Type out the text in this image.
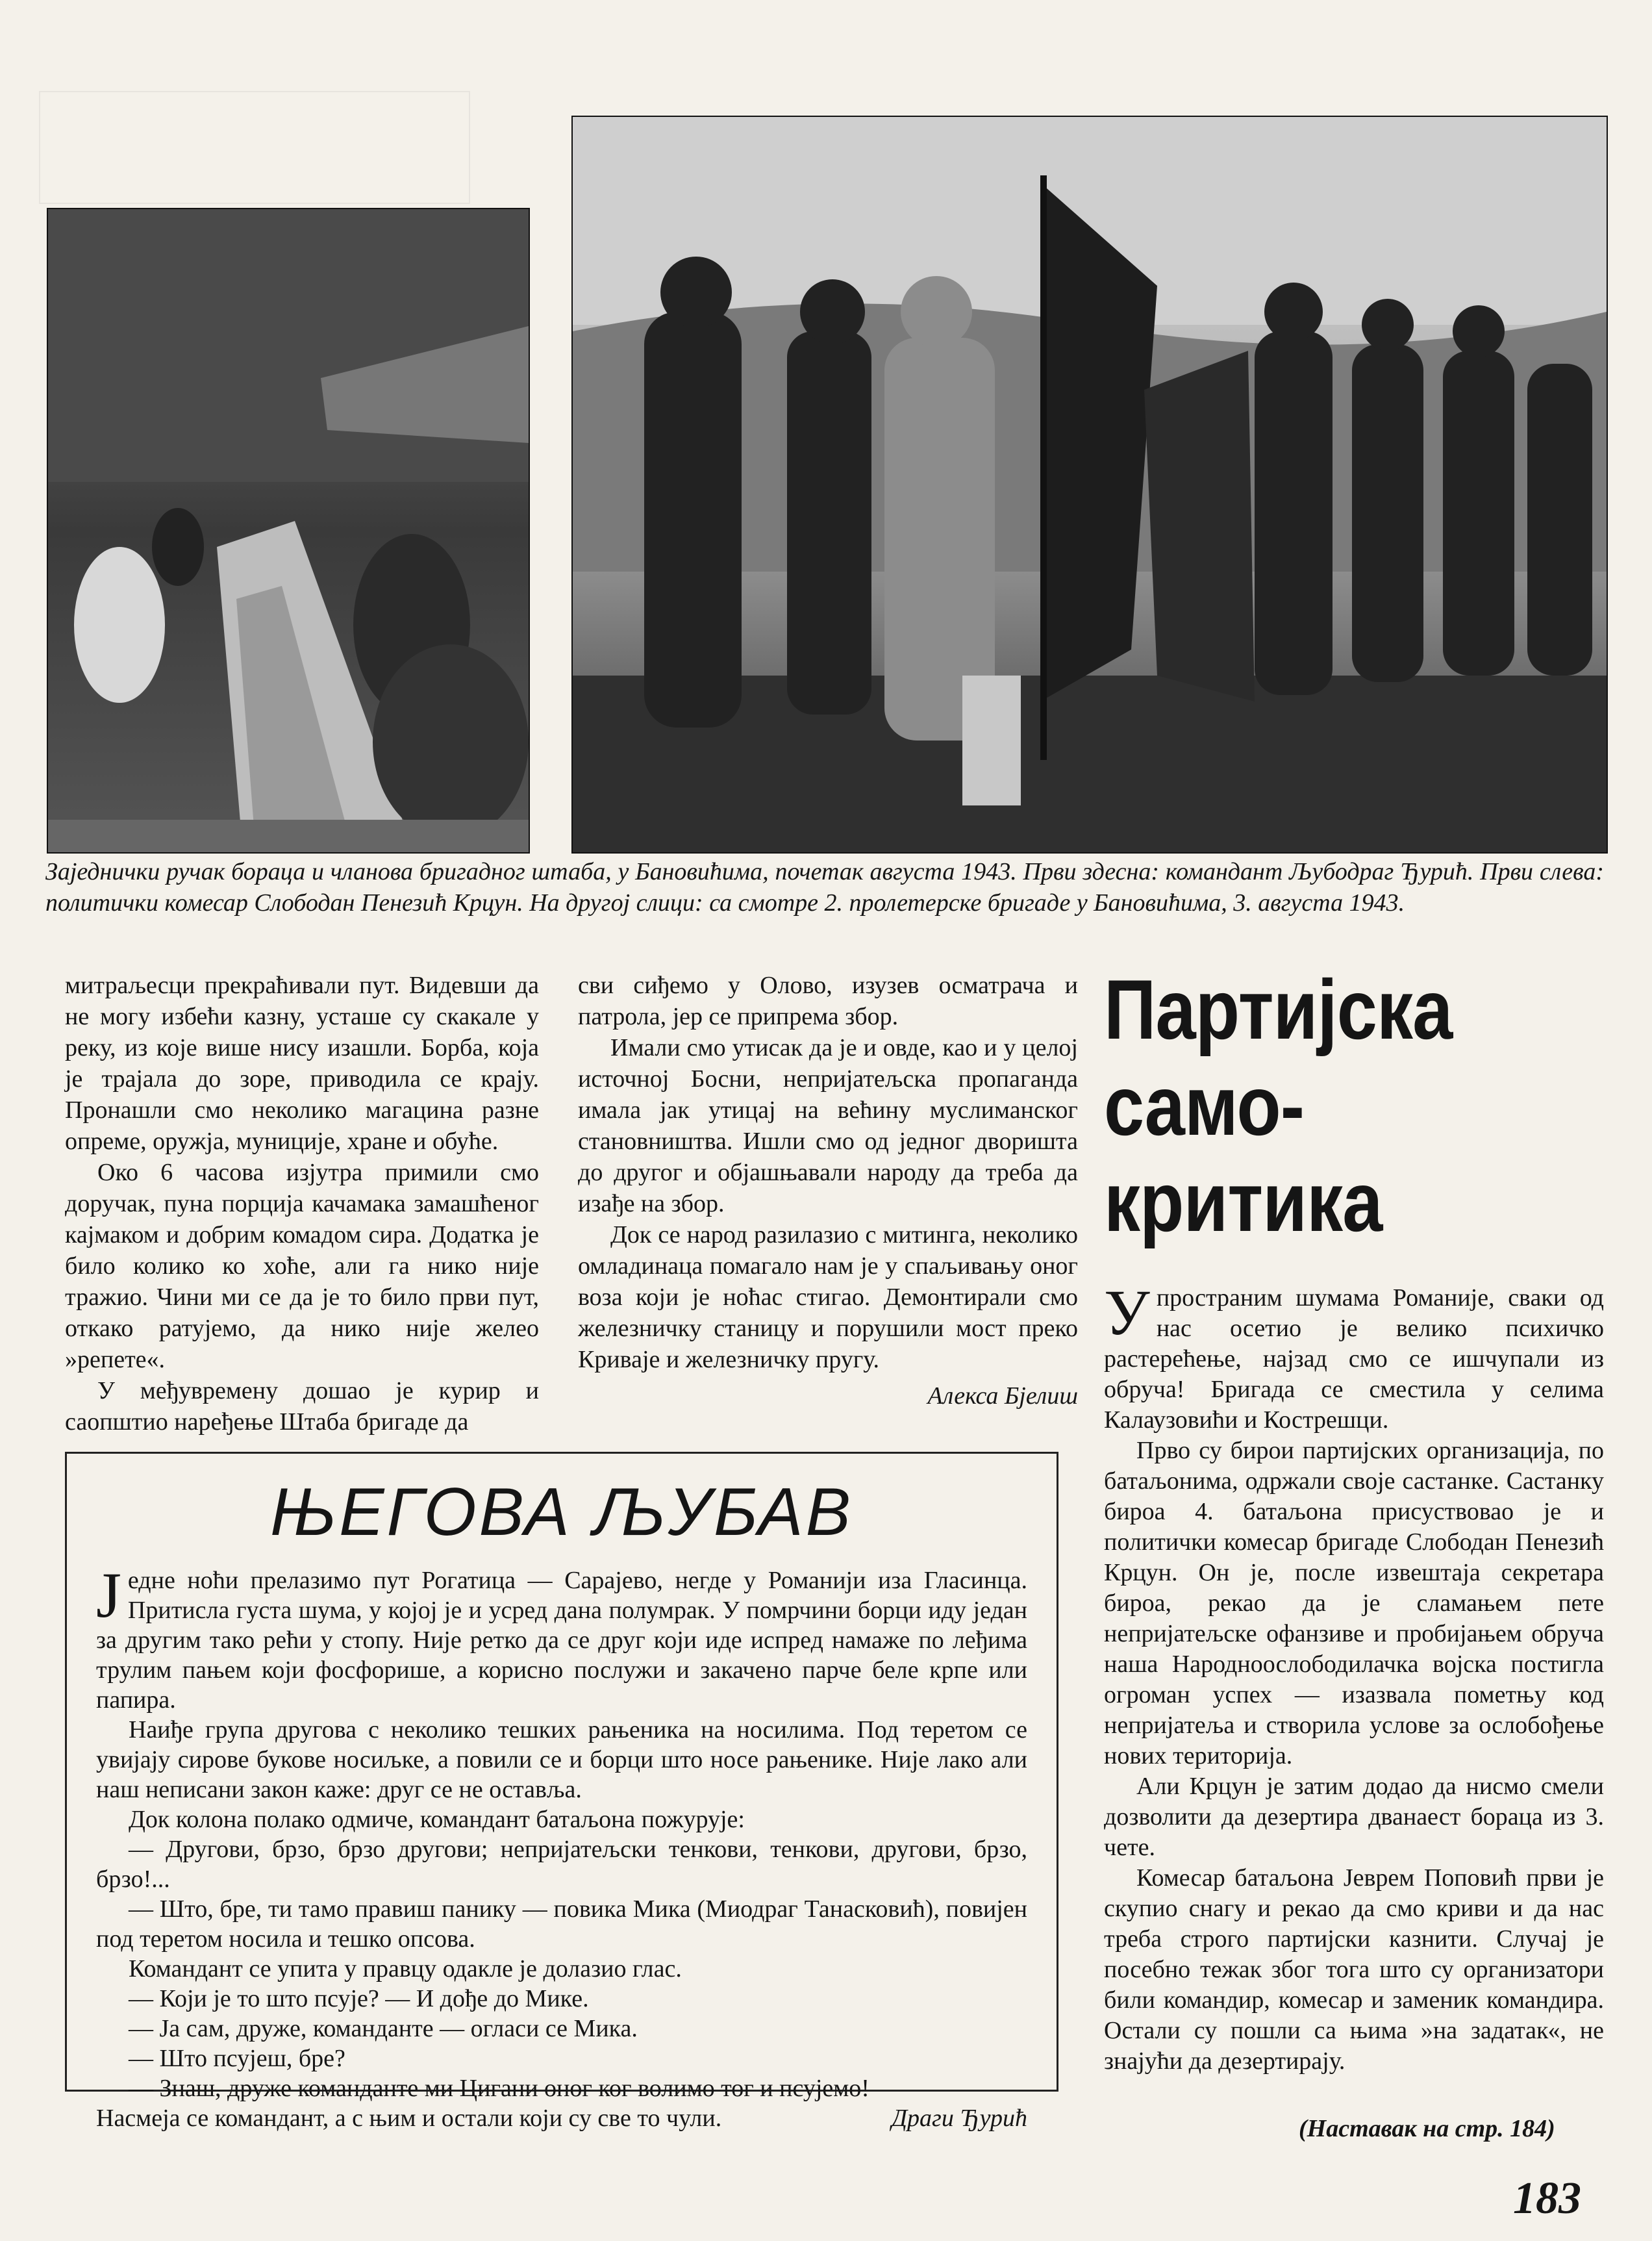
Заједнички ручак бораца и чланова бригадног штаба, у Бановићима, почетак августа 1943. Први здесна: командант Љубодраг Ђурић. Први слева: политички комесар Слободан Пенезић Крцун. На другој слици: са смотре 2. пролетерске бригаде у Бановићима, 3. августа 1943.

митраљесци прекраћивали пут. Видевши да не могу избећи казну, усташе су скакале у реку, из које више нису изашли. Борба, која је трајала до зоре, приводила се крају. Пронашли смо неколико магацина разне опреме, оружја, муниције, хране и обуће.

Око 6 часова изјутра примили смо доручак, пуна порција качамака замашћеног кајмаком и добрим комадом сира. Додатка је било колико ко хоће, али га нико није тражио. Чини ми се да је то било први пут, откако ратујемо, да нико није желео »репете«.

У међувремену дошао је курир и саопштио наређење Штаба бригаде да

сви сиђемо у Олово, изузев осматрача и патрола, јер се припрема збор.

Имали смо утисак да је и овде, као и у целој источној Босни, непријатељска пропаганда имала јак утицај на већину муслиманског становништва. Ишли смо од једног дворишта до другог и објашњавали народу да треба да изађе на збор.

Док се народ разилазио с митинга, неколико омладинаца помагало нам је у спаљивању оног воза који је ноћас стигао. Демонтирали смо железничку станицу и порушили мост преко Кривајe и железничку пругу.

Алекса Бјелиш

Партијска
само-
критика

У пространим шумама Романије, сваки од нас осетио је велико психичко растерећење, најзад смо се ишчупали из обруча! Бригада се сместила у селима Калаузовићи и Кострешци.

Прво су бирои партијских организација, по батаљонима, одржали своје састанке. Састанку бироа 4. батаљона присуствовао је и политички комесар бригаде Слободан Пенезић Крцун. Он је, после извештаја секретара бироа, рекао да је сламањем пете непријатељске офанзиве и пробијањем обруча наша Народноослободилачка војска постигла огроман успех — изазвала пометњу код непријатеља и створила услове за ослобођење нових територија.

Али Крцун је затим додао да нисмо смели дозволити да дезертира дванаест бораца из 3. чете.

Комесар батаљона Јеврем Поповић први је скупио снагу и рекао да смо криви и да нас треба строго партијски казнити. Случај је посебно тежак због тога што су организатори били командир, комесар и заменик командира. Остали су пошли са њима »на задатак«, не знајући да дезертирају.

(Наставак на стр. 184)
ЊЕГОВА ЉУБАВ

Jедне ноћи прелазимо пут Рогатица — Сарајево, негде у Романији иза Гласинца. Притисла густа шума, у којој је и усред дана полумрак. У помрчини борци иду један за другим тако рећи у стопу. Није ретко да се друг који иде испред намаже по леђима трулим пањем који фосфорише, а корисно послужи и закачено парче беле крпе или папира.

Наиђе група другова с неколико тешких рањеника на носилима. Под теретом се увијају сирове букове носиљке, а повили се и борци што носе рањенике. Није лако али наш неписани закон каже: друг се не оставља.

Док колона полако одмиче, командант батаљона пожурује:

— Другови, брзо, брзо другови; непријатељски тенкови, тенкови, другови, брзо, брзо!...

— Што, бре, ти тамо правиш панику — повика Мика (Миодраг Танасковић), повијен под теретом носила и тешко опсова.

Командант се упита у правцу одакле је долазио глас.

— Који је то што псује? — И дође до Мике.

— Ја сам, друже, команданте — огласи се Мика.

— Што псујеш, бре?

— Знаш, друже команданте ми Цигани оног ког волимо тог и псујемо!

Насмеја се командант, а с њим и остали који су све то чули.	Драги Ђурић

183
